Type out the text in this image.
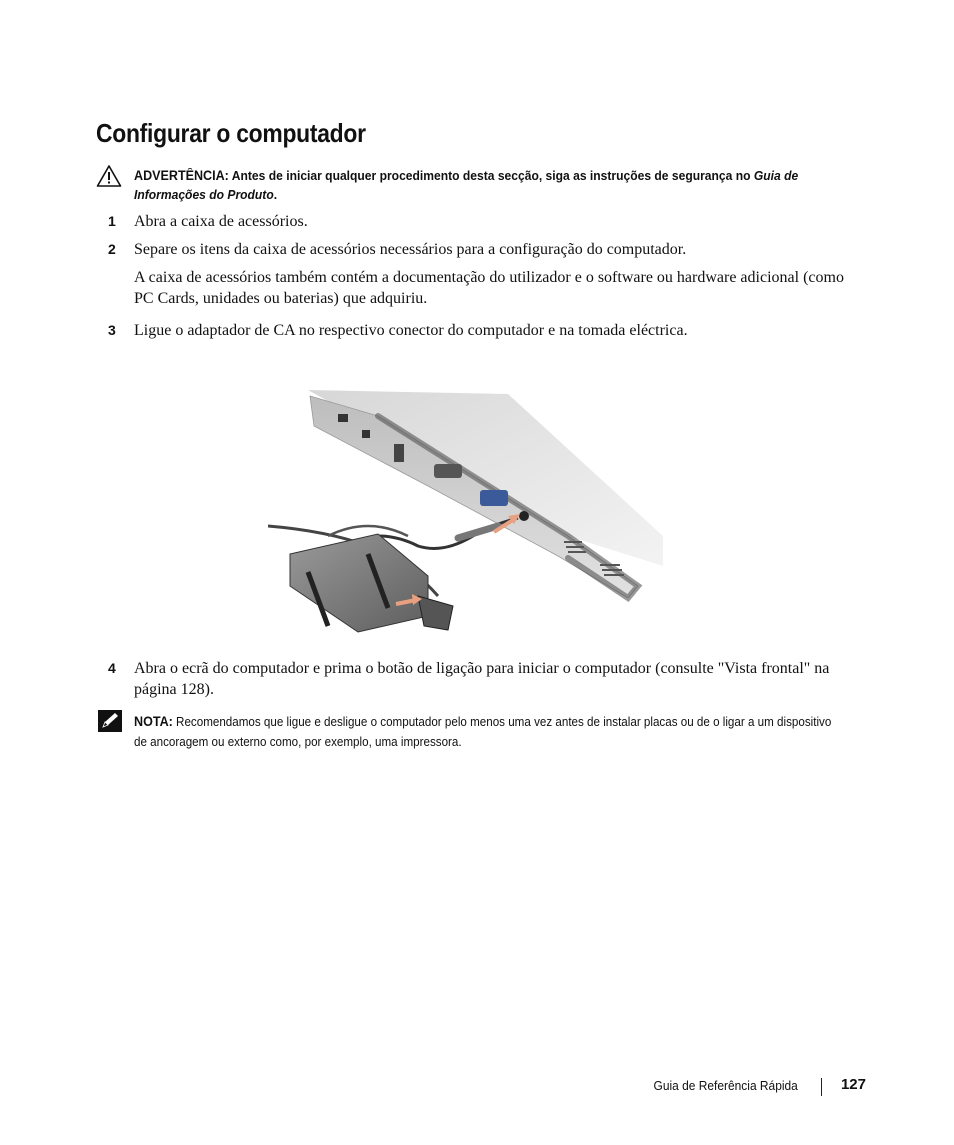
Configurar o computador
ADVERTÊNCIA: Antes de iniciar qualquer procedimento desta secção, siga as instruções de segurança no Guia de Informações do Produto.
1 Abra a caixa de acessórios.
2 Separe os itens da caixa de acessórios necessários para a configuração do computador.
A caixa de acessórios também contém a documentação do utilizador e o software ou hardware adicional (como PC Cards, unidades ou baterias) que adquiriu.
3 Ligue o adaptador de CA no respectivo conector do computador e na tomada eléctrica.
4 Abra o ecrã do computador e prima o botão de ligação para iniciar o computador (consulte "Vista frontal" na página 128).
NOTA: Recomendamos que ligue e desligue o computador pelo menos uma vez antes de instalar placas ou de o ligar a um dispositivo de ancoragem ou externo como, por exemplo, uma impressora.
Guia de Referência Rápida	127
